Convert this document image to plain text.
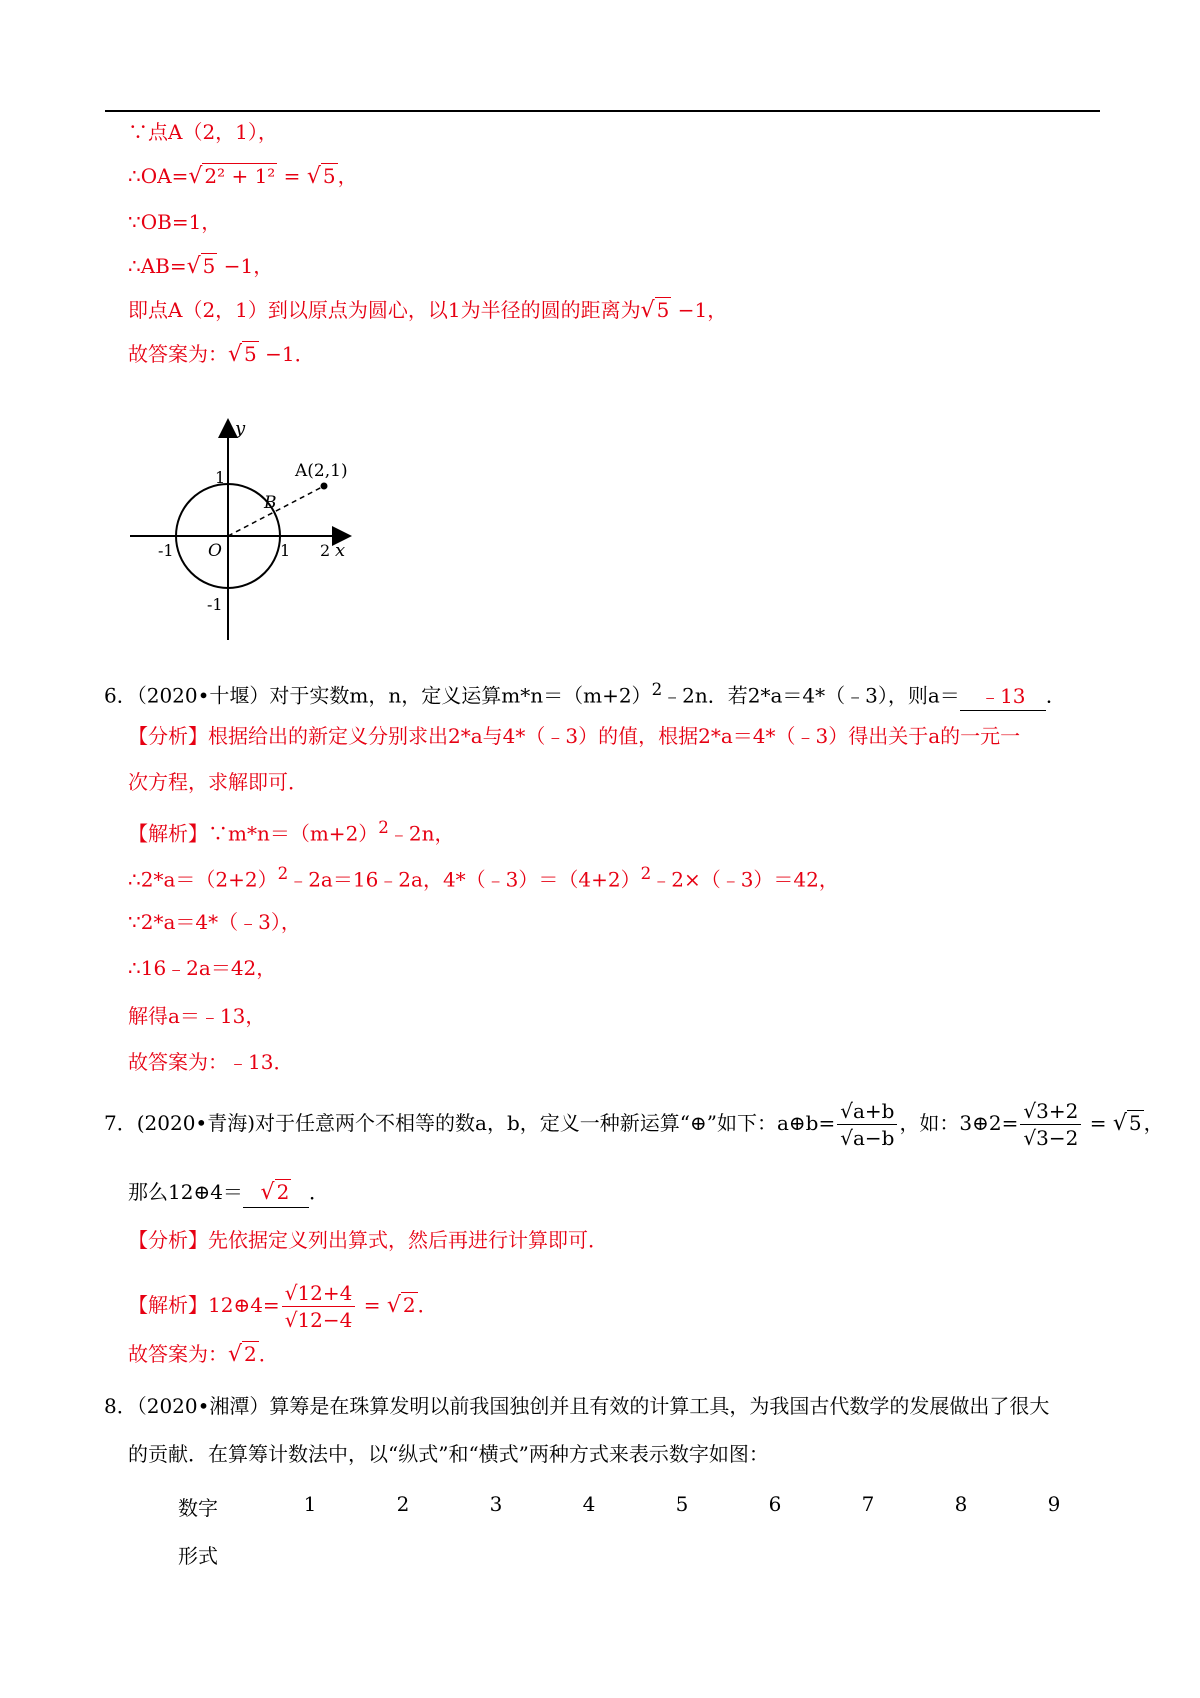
∵点A（2，1），
∴OA=√ 2² + 1² = √ 5 ，
∵OB=1，
∴AB=√ 5 −1，
即点A（2，1）到以原点为圆心，以1为半径的圆的距离为√ 5 −1，
故答案为：√ 5 −1．
y
x
O
A(2,1)
B
1
-1
-1	1 2
6．（2020•十堰）对于实数m，n，定义运算$m*n=(m+2)^2﹣2n$．若2*a＝4*（﹣3），则a＝ ﹣13 ．
【分析】根据给出的新定义分别求出2*a与4*（﹣3）的值，根据2*a＝4*（﹣3）得出关于a的一元一
次方程，求解即可．
【解析】$\because m*n=(m+2)^2﹣2n$，
$\therefore 2*a=(2+2)^2﹣2a=16﹣2a$，$4*(﹣3)=(4+2)^2﹣2\times(﹣3)=42$，
∵2*a＝4*（﹣3），
∴16﹣2a＝42，
解得a＝﹣13，
故答案为：﹣13．
7．(2020•青海)对于任意两个不相等的数a，b，定义一种新运算“⊕”如下：a⊕b= $\frac{√a+b}{√a-b}$ ，如：3⊕2= $\frac{√3+2}{√3-2}$ = √ 5 ，
那么12⊕4＝ √ 2 ．
【分析】先依据定义列出算式，然后再进行计算即可．
【解析】12⊕4= $\frac{√12+4}{√12-4}$ = √ 2 ．
故答案为：√ 2 ．
8．（2020•湘潭）算筹是在珠算发明以前我国独创并且有效的计算工具，为我国古代数学的发展做出了很大
的贡献．在算筹计数法中，以“纵式”和“横式”两种方式来表示数字如图：
数字	1	2	3	4	5	6	7	8	9
形式
